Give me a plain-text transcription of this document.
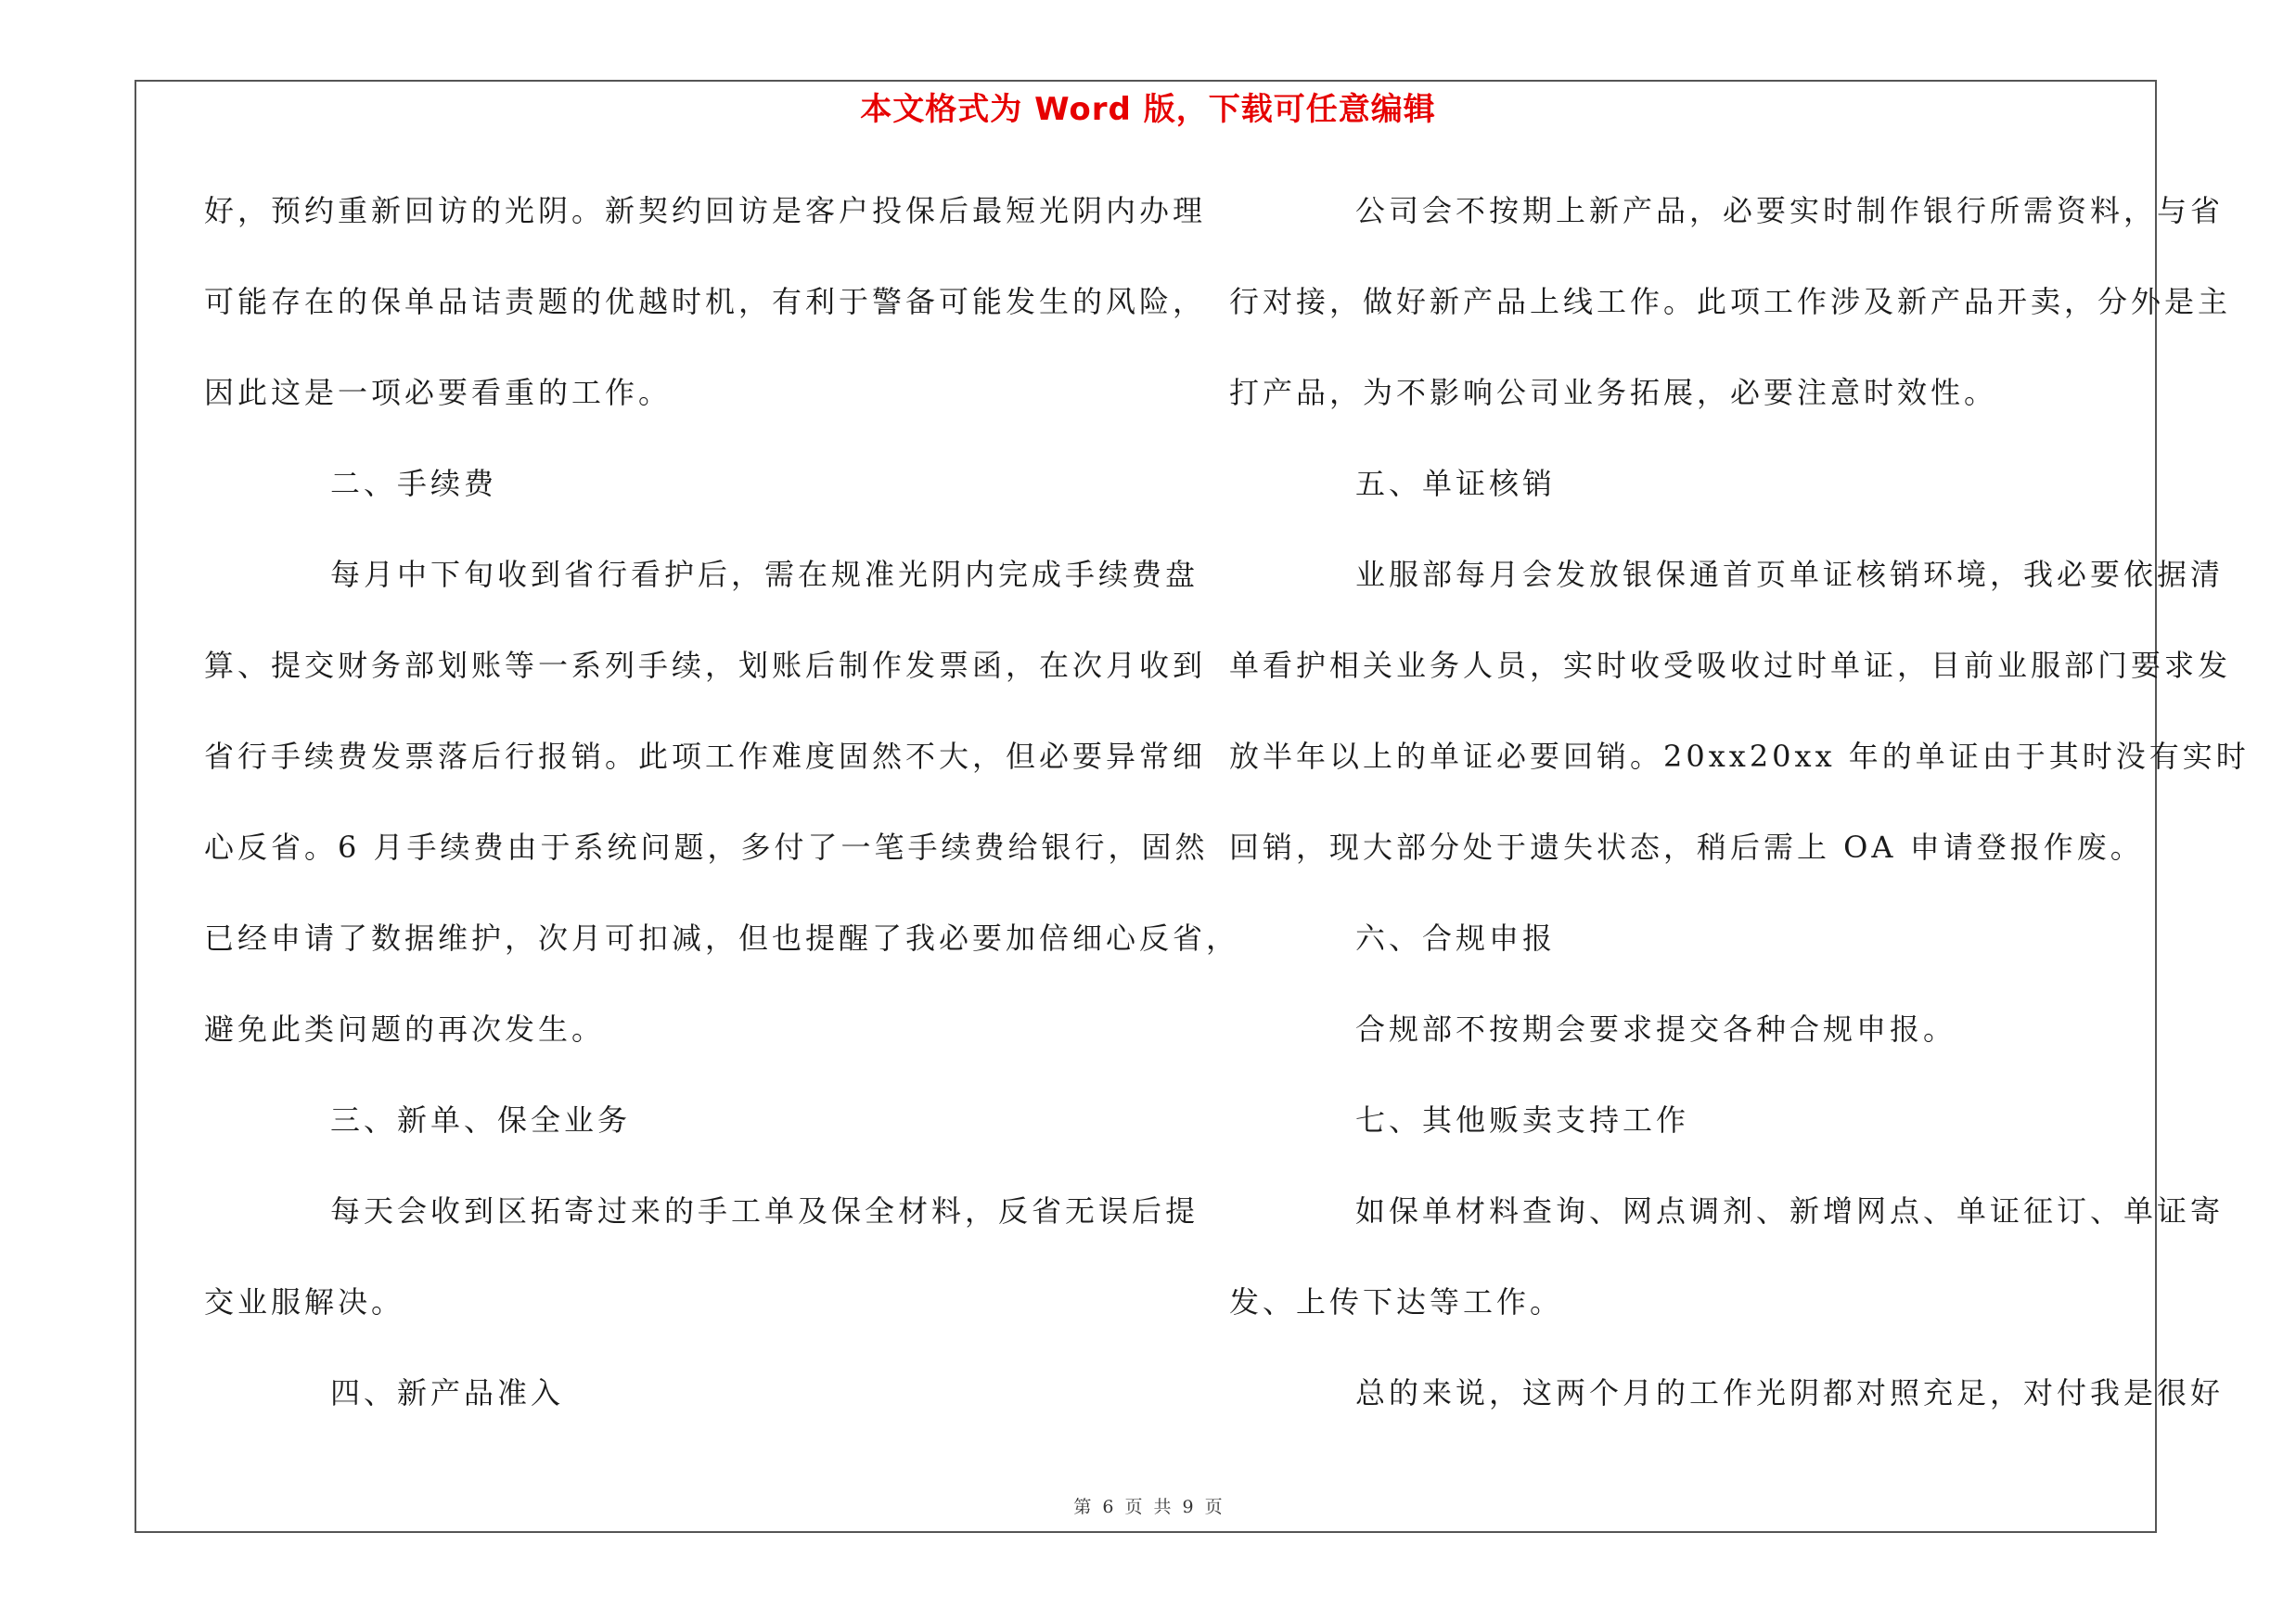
本文格式为 Word 版，下载可任意编辑
好，预约重新回访的光阴。新契约回访是客户投保后最短光阴内办理
可能存在的保单品诘责题的优越时机，有利于警备可能发生的风险，
因此这是一项必要看重的工作。
二、手续费
每月中下旬收到省行看护后，需在规准光阴内完成手续费盘
算、提交财务部划账等一系列手续，划账后制作发票函，在次月收到
省行手续费发票落后行报销。此项工作难度固然不大，但必要异常细
心反省。6 月手续费由于系统问题，多付了一笔手续费给银行，固然
已经申请了数据维护，次月可扣减，但也提醒了我必要加倍细心反省，
避免此类问题的再次发生。
三、新单、保全业务
每天会收到区拓寄过来的手工单及保全材料，反省无误后提
交业服解决。
四、新产品准入
公司会不按期上新产品，必要实时制作银行所需资料，与省
行对接，做好新产品上线工作。此项工作涉及新产品开卖，分外是主
打产品，为不影响公司业务拓展，必要注意时效性。
五、单证核销
业服部每月会发放银保通首页单证核销环境，我必要依据清
单看护相关业务人员，实时收受吸收过时单证，目前业服部门要求发
放半年以上的单证必要回销。20xx20xx 年的单证由于其时没有实时
回销，现大部分处于遗失状态，稍后需上 OA 申请登报作废。
六、合规申报
合规部不按期会要求提交各种合规申报。
七、其他贩卖支持工作
如保单材料查询、网点调剂、新增网点、单证征订、单证寄
发、上传下达等工作。
总的来说，这两个月的工作光阴都对照充足，对付我是很好
第 6 页 共 9 页
